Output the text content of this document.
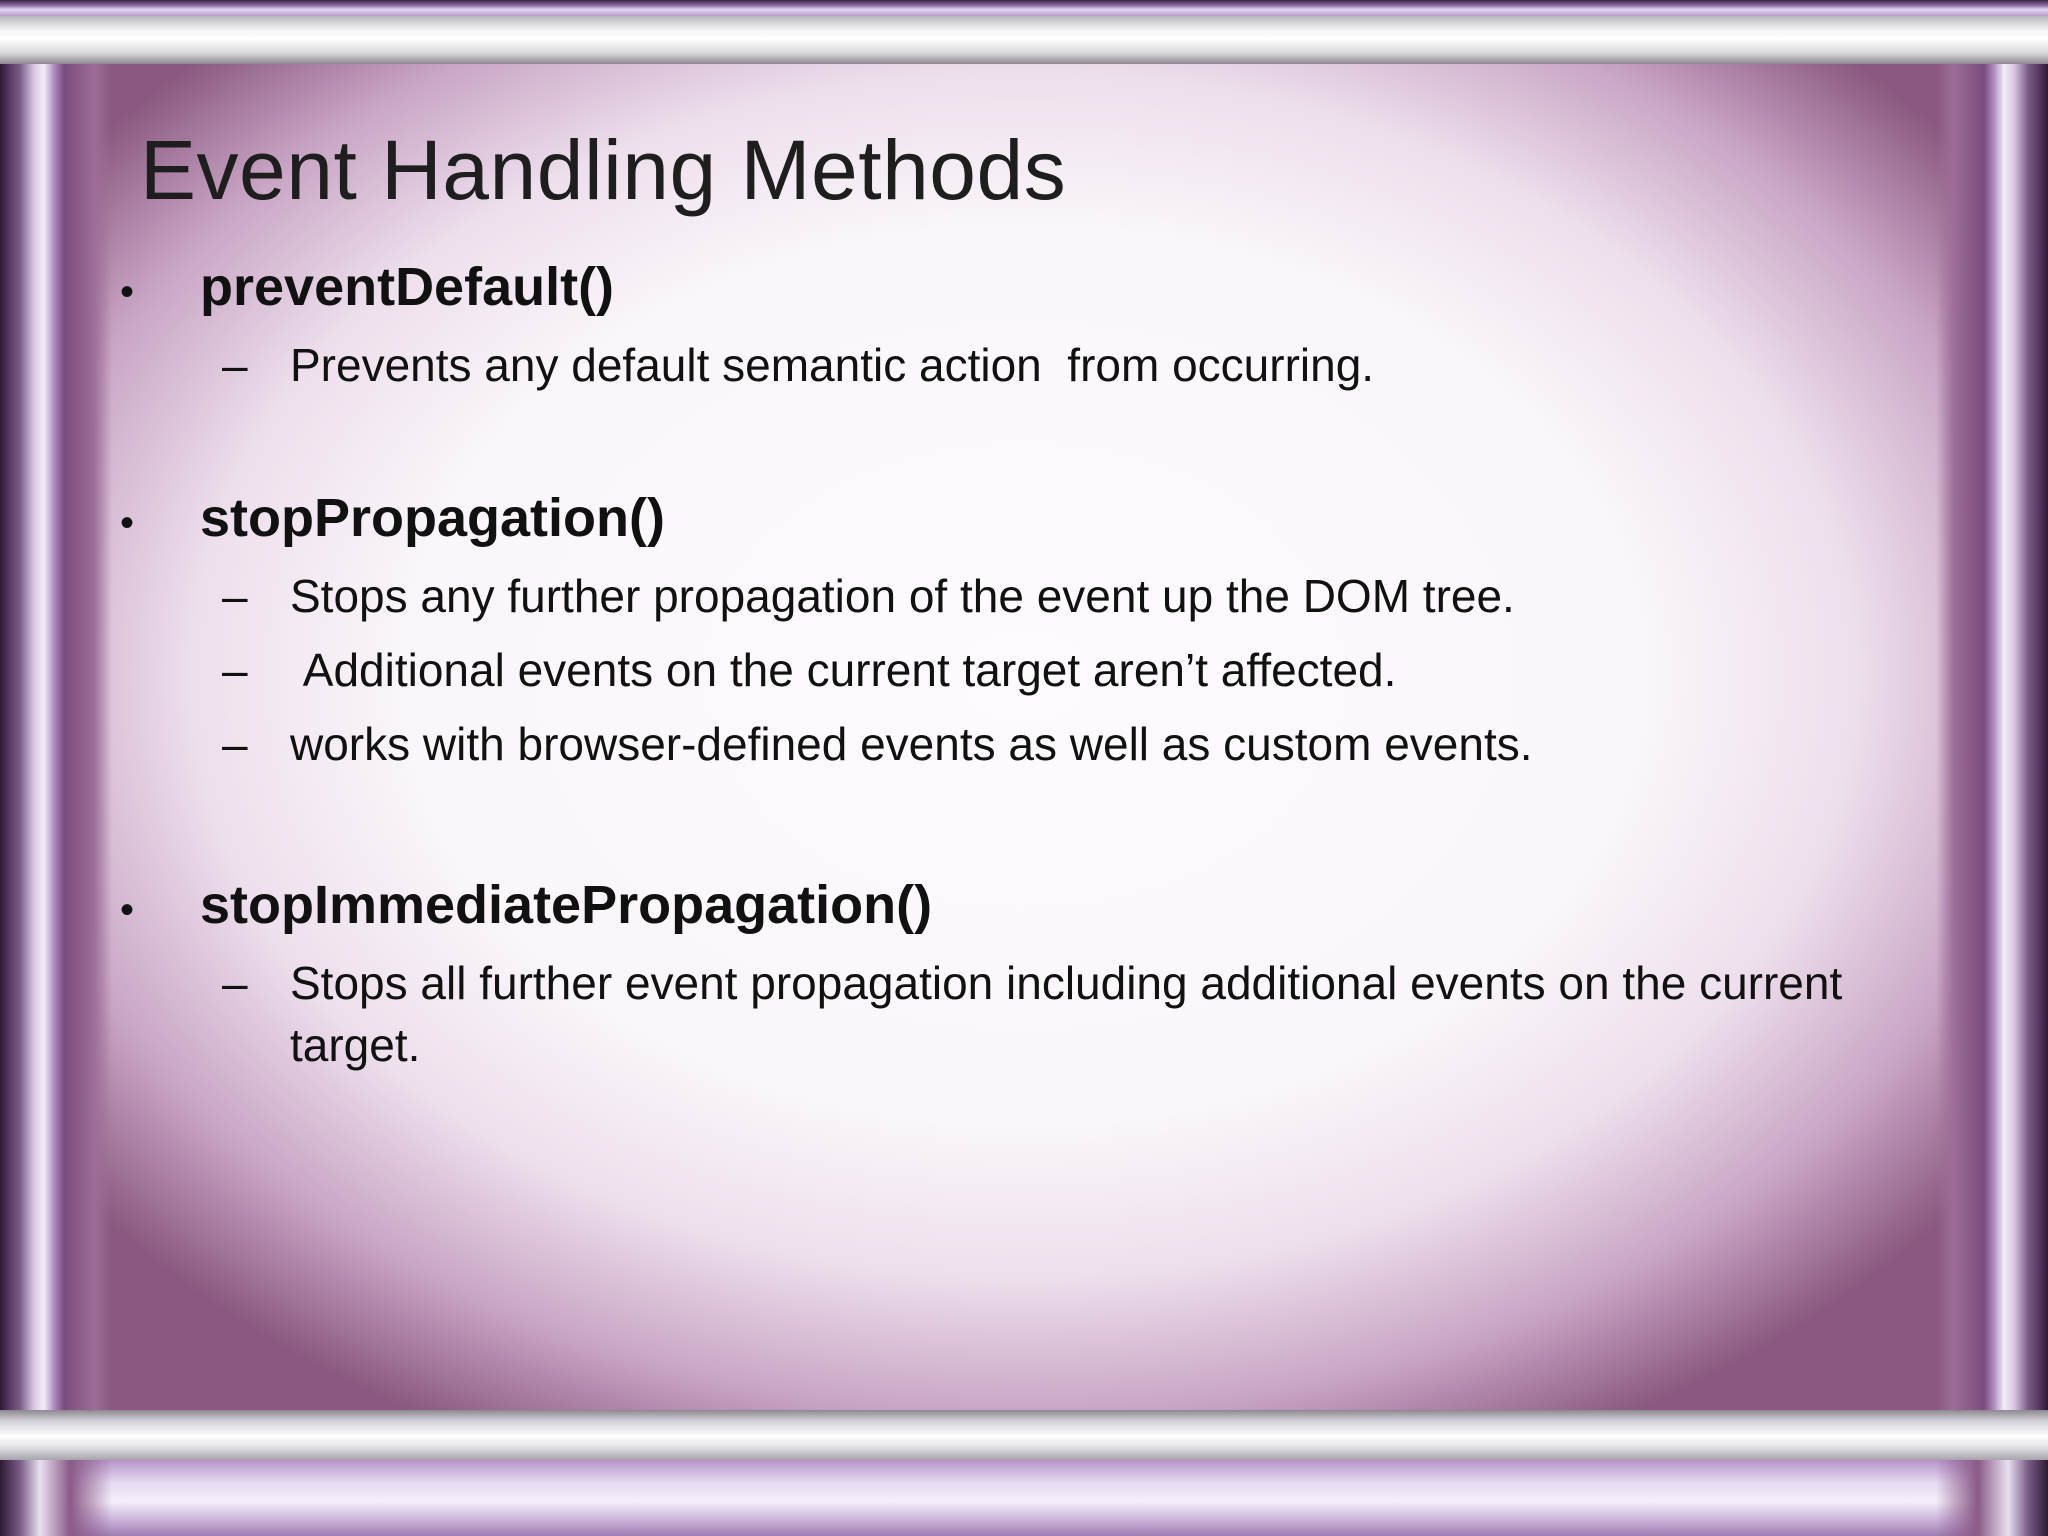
Event Handling Methods
•	preventDefault()
– Prevents any default semantic action  from occurring.
•	stopPropagation()
– Stops any further propagation of the event up the DOM tree.
– Additional events on the current target aren’t affected.
– works with browser-defined events as well as custom events.
•	stopImmediatePropagation()
– Stops all further event propagation including additional events on the current target.
